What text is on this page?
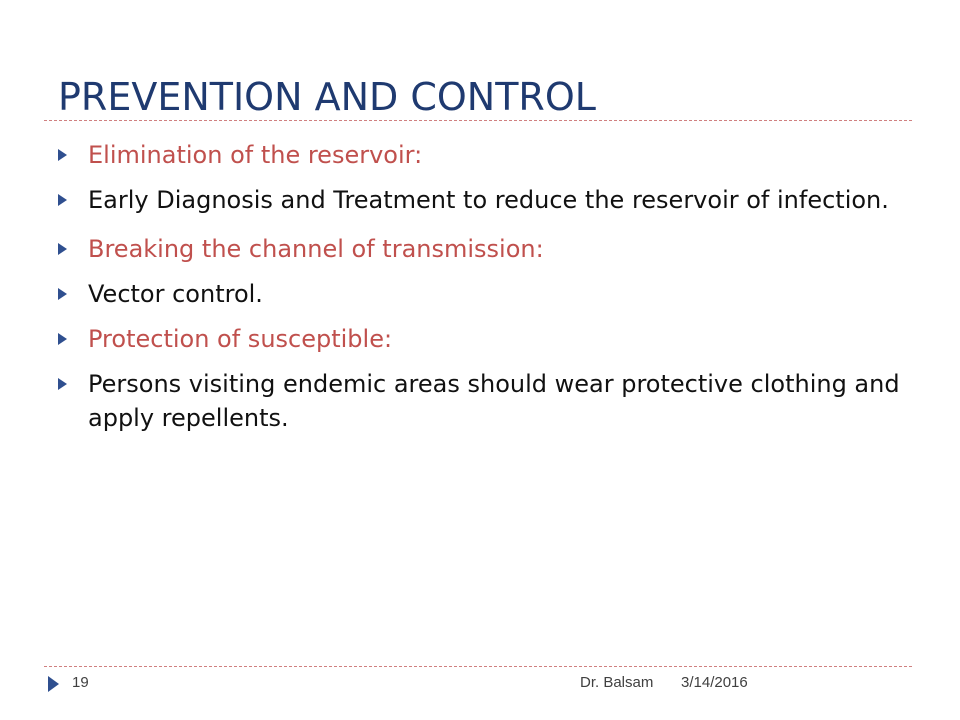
PREVENTION AND CONTROL
Elimination of the reservoir:
Early Diagnosis and Treatment to reduce the reservoir of infection.
Breaking the channel of transmission:
Vector control.
Protection of susceptible:
Persons visiting endemic areas should wear protective clothing and apply repellents.
19	Dr. Balsam 3/14/2016
